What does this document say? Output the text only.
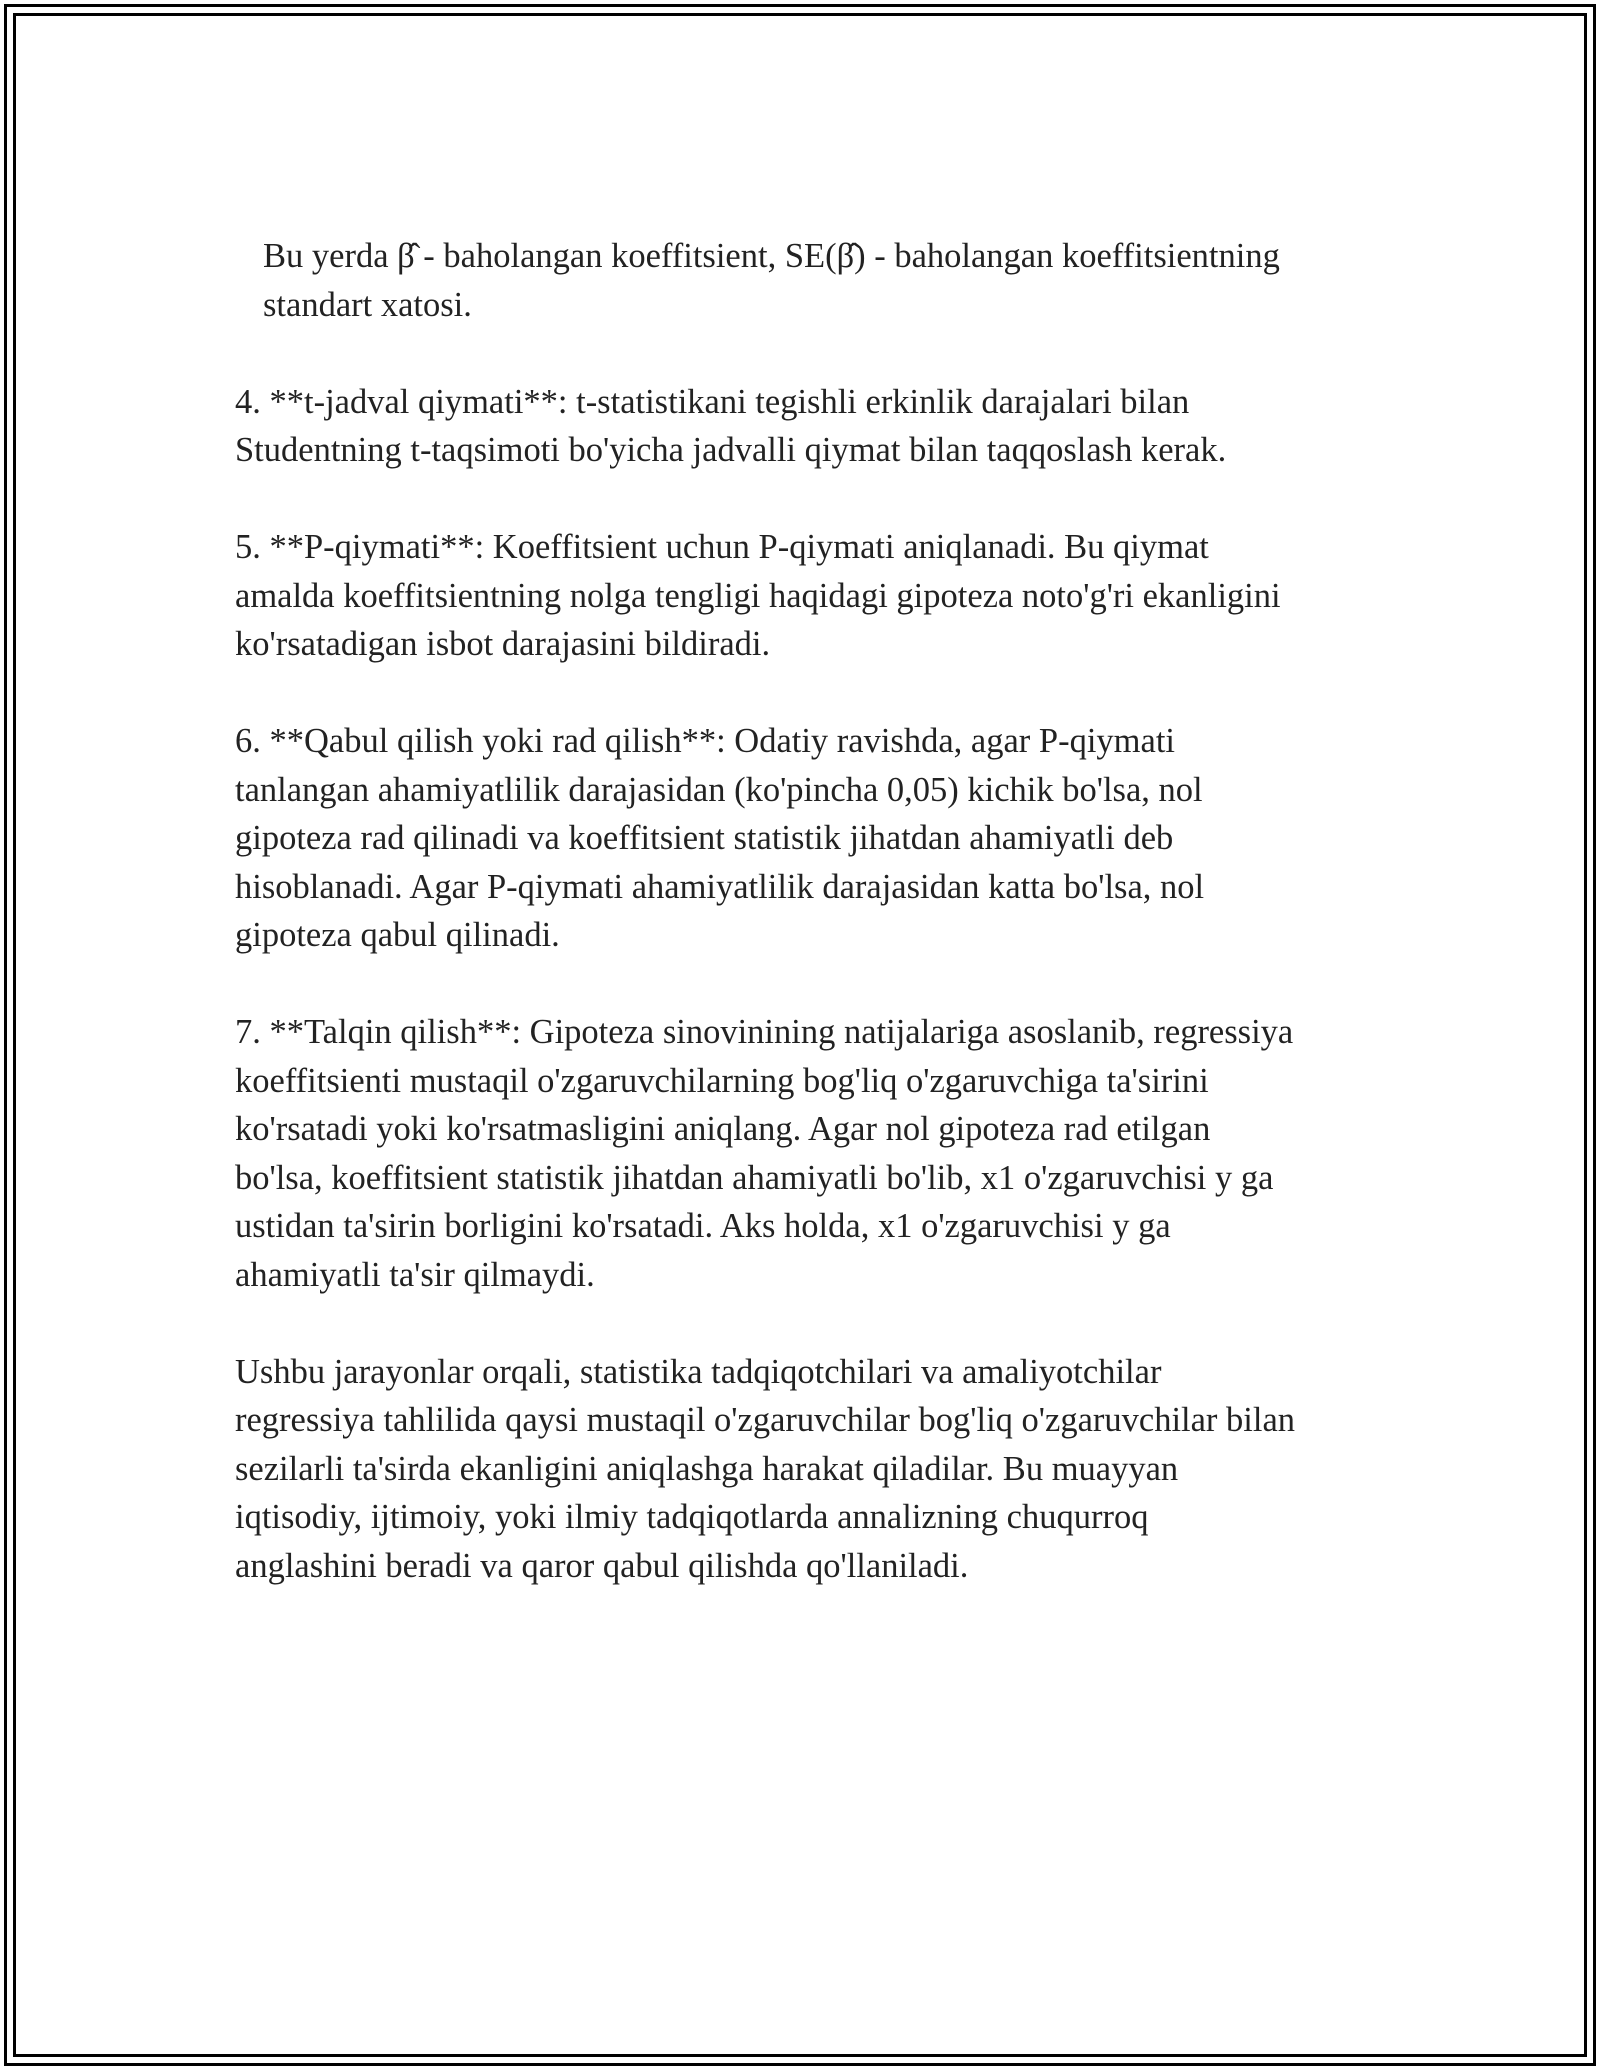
Bu yerda β̂ - baholangan koeffitsient, SE(β̂) - baholangan koeffitsientning
standart xatosi.

4. **t-jadval qiymati**: t-statistikani tegishli erkinlik darajalari bilan
Studentning t-taqsimoti bo'yicha jadvalli qiymat bilan taqqoslash kerak.

5. **P-qiymati**: Koeffitsient uchun P-qiymati aniqlanadi. Bu qiymat
amalda koeffitsientning nolga tengligi haqidagi gipoteza noto'g'ri ekanligini
ko'rsatadigan isbot darajasini bildiradi.

6. **Qabul qilish yoki rad qilish**: Odatiy ravishda, agar P-qiymati
tanlangan ahamiyatlilik darajasidan (ko'pincha 0,05) kichik bo'lsa, nol
gipoteza rad qilinadi va koeffitsient statistik jihatdan ahamiyatli deb
hisoblanadi. Agar P-qiymati ahamiyatlilik darajasidan katta bo'lsa, nol
gipoteza qabul qilinadi.

7. **Talqin qilish**: Gipoteza sinovinining natijalariga asoslanib, regressiya
koeffitsienti mustaqil o'zgaruvchilarning bog'liq o'zgaruvchiga ta'sirini
ko'rsatadi yoki ko'rsatmasligini aniqlang. Agar nol gipoteza rad etilgan
bo'lsa, koeffitsient statistik jihatdan ahamiyatli bo'lib, x1 o'zgaruvchisi y ga
ustidan ta'sirin borligini ko'rsatadi. Aks holda, x1 o'zgaruvchisi y ga
ahamiyatli ta'sir qilmaydi.

Ushbu jarayonlar orqali, statistika tadqiqotchilari va amaliyotchilar
regressiya tahlilida qaysi mustaqil o'zgaruvchilar bog'liq o'zgaruvchilar bilan
sezilarli ta'sirda ekanligini aniqlashga harakat qiladilar. Bu muayyan
iqtisodiy, ijtimoiy, yoki ilmiy tadqiqotlarda annalizning chuqurroq
anglashini beradi va qaror qabul qilishda qo'llaniladi.
